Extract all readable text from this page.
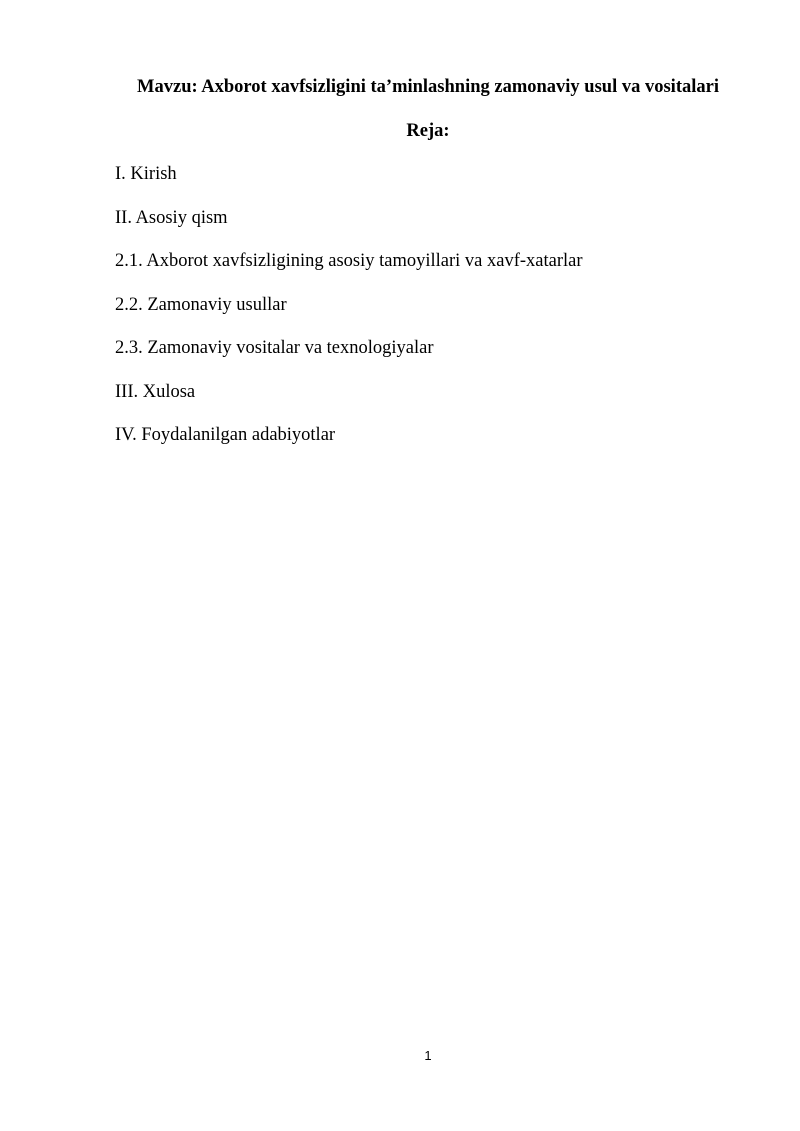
Mavzu: Axborot xavfsizligini ta’minlashning zamonaviy usul va vositalari
Reja:
I. Kirish
II. Asosiy qism
2.1. Axborot xavfsizligining asosiy tamoyillari va xavf-xatarlar
2.2. Zamonaviy usullar
2.3. Zamonaviy vositalar va texnologiyalar
III. Xulosa
IV. Foydalanilgan adabiyotlar
1
